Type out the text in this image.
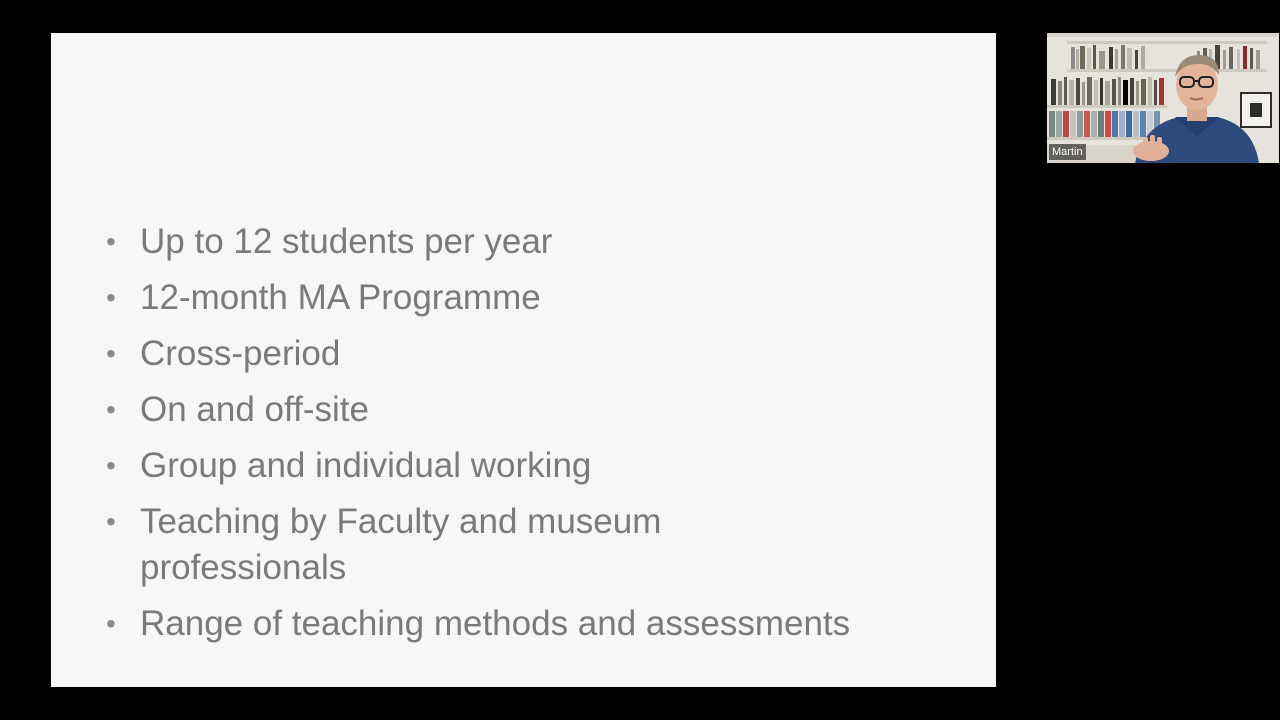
• Up to 12 students per year
• 12-month MA Programme
• Cross-period
• On and off-site
• Group and individual working
• Teaching by Faculty and museum professionals
• Range of teaching methods and assessments
Martin
